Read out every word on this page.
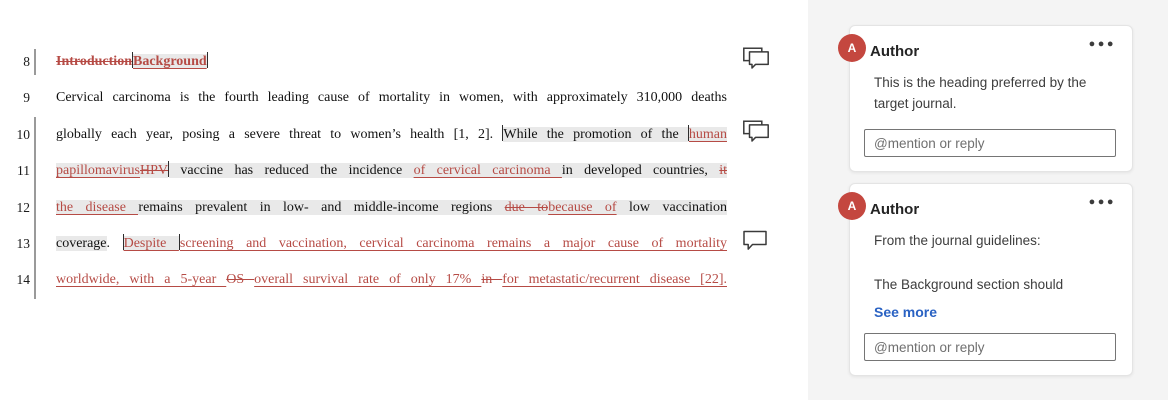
8 IntroductionBackground
9 Cervical carcinoma is the fourth leading cause of mortality in women, with approximately 310,000 deaths
10 globally each year, posing a severe threat to women’s health [1, 2]. While the promotion of the human
11 papillomavirusHPV vaccine has reduced the incidence of cervical carcinoma in developed countries, it
12 the disease remains prevalent in low- and middle-income regions due tobecause of low vaccination
13 coverage. Despite screening and vaccination, cervical carcinoma remains a major cause of mortality
14 worldwide, with a 5-year OS overall survival rate of only 17% in for metastatic/recurrent disease [22].
A Author	●●●

This is the heading preferred by the target journal.

@mention or reply
A Author	●●●

From the journal guidelines:

The Background section should

See more
@mention or reply
